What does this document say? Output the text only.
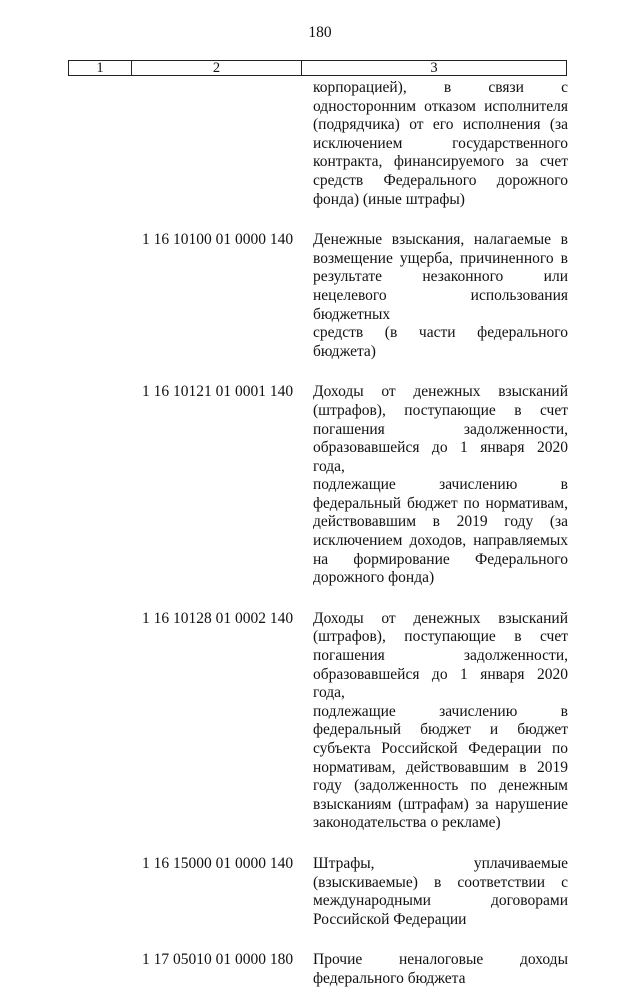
180
1	2	3
корпорацией), в связи с
односторонним отказом исполнителя
(подрядчика) от его исполнения (за
исключением государственного
контракта, финансируемого за счет
средств Федерального дорожного
фонда) (иные штрафы)
1 16 10100 01 0000 140	Денежные взыскания, налагаемые в
возмещение ущерба, причиненного в
результате незаконного или
нецелевого использования бюджетных
средств (в части федерального
бюджета)
1 16 10121 01 0001 140	Доходы от денежных взысканий
(штрафов), поступающие в счет
погашения задолженности,
образовавшейся до 1 января 2020 года,
подлежащие зачислению в
федеральный бюджет по нормативам,
действовавшим в 2019 году (за
исключением доходов, направляемых
на формирование Федерального
дорожного фонда)
1 16 10128 01 0002 140	Доходы от денежных взысканий
(штрафов), поступающие в счет
погашения задолженности,
образовавшейся до 1 января 2020 года,
подлежащие зачислению в
федеральный бюджет и бюджет
субъекта Российской Федерации по
нормативам, действовавшим в 2019
году (задолженность по денежным
взысканиям (штрафам) за нарушение
законодательства о рекламе)
1 16 15000 01 0000 140	Штрафы, уплачиваемые
(взыскиваемые) в соответствии с
международными договорами
Российской Федерации
1 17 05010 01 0000 180	Прочие неналоговые доходы
федерального бюджета
